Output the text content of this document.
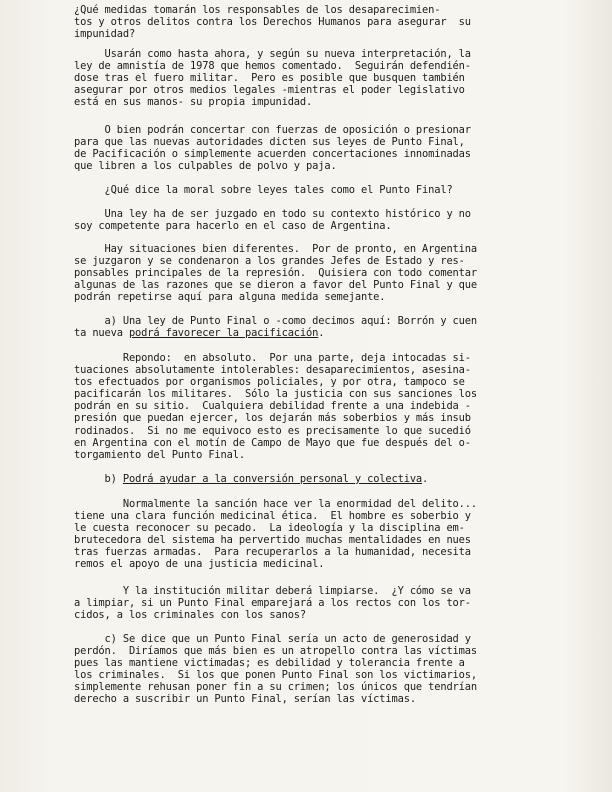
¿Qué medidas tomarán los responsables de los desaparecimien-
tos y otros delitos contra los Derechos Humanos para asegurar  su
impunidad?
Usarán como hasta ahora, y según su nueva interpretación, la
ley de amnistía de 1978 que hemos comentado.  Seguirán defendién-
dose tras el fuero militar.  Pero es posible que busquen también
asegurar por otros medios legales -mientras el poder legislativo
está en sus manos- su propia impunidad.
O bien podrán concertar con fuerzas de oposición o presionar
para que las nuevas autoridades dicten sus leyes de Punto Final,
de Pacificación o simplemente acuerden concertaciones innominadas
que libren a los culpables de polvo y paja.
¿Qué dice la moral sobre leyes tales como el Punto Final?
Una ley ha de ser juzgado en todo su contexto histórico y no
soy competente para hacerlo en el caso de Argentina.
Hay situaciones bien diferentes.  Por de pronto, en Argentina
se juzgaron y se condenaron a los grandes Jefes de Estado y res-
ponsables principales de la represión.  Quisiera con todo comentar
algunas de las razones que se dieron a favor del Punto Final y que
podrán repetirse aquí para alguna medida semejante.
a) Una ley de Punto Final o -como decimos aquí: Borrón y cuen
ta nueva podrá favorecer la pacificación.
Repondo:  en absoluto.  Por una parte, deja intocadas si-
tuaciones absolutamente intolerables: desaparecimientos, asesina-
tos efectuados por organismos policiales, y por otra, tampoco se
pacificarán los militares.  Sólo la justicia con sus sanciones los
podrán en su sitio.  Cualquiera debilidad frente a una indebida -
presión que puedan ejercer, los dejarán más soberbios y más insub
rodinados.  Si no me equivoco esto es precisamente lo que sucedió
en Argentina con el motín de Campo de Mayo que fue después del o-
torgamiento del Punto Final.
b) Podrá ayudar a la conversión personal y colectiva.
Normalmente la sanción hace ver la enormidad del delito...
tiene una clara función medicinal ética.  El hombre es soberbio y
le cuesta reconocer su pecado.  La ideología y la disciplina em-
brutecedora del sistema ha pervertido muchas mentalidades en nues
tras fuerzas armadas.  Para recuperarlos a la humanidad, necesita
remos el apoyo de una justicia medicinal.
Y la institución militar deberá limpiarse.  ¿Y cómo se va
a limpiar, si un Punto Final emparejará a los rectos con los tor-
cidos, a los criminales con los sanos?
c) Se dice que un Punto Final sería un acto de generosidad y
perdón.  Diríamos que más bien es un atropello contra las víctimas
pues las mantiene victimadas; es debilidad y tolerancia frente a
los criminales.  Si los que ponen Punto Final son los victimarios,
simplemente rehusan poner fin a su crimen; los únicos que tendrían
derecho a suscribir un Punto Final, serían las víctimas.
